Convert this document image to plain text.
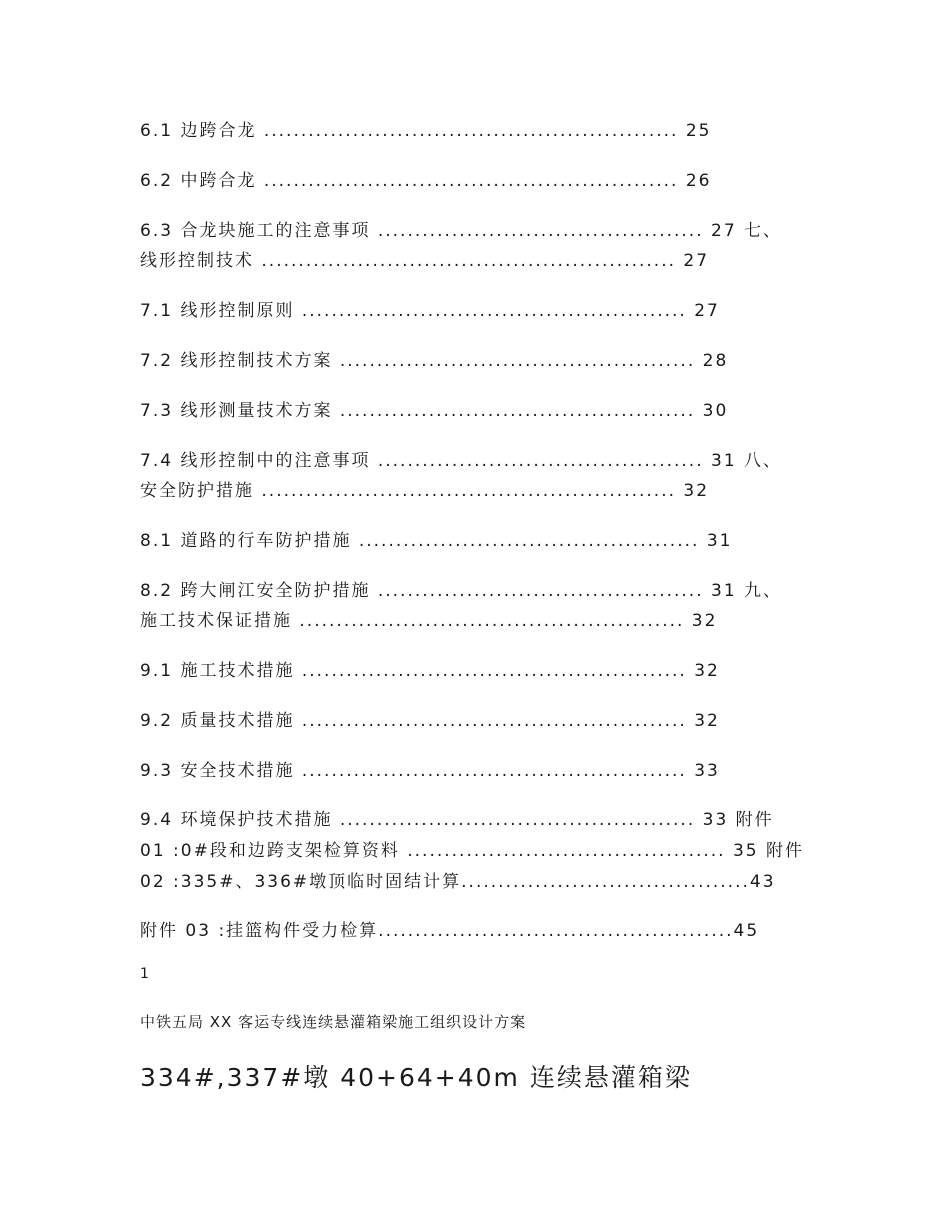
6.1 边跨合龙 ........................................................ 25
6.2 中跨合龙 ........................................................ 26
6.3 合龙块施工的注意事项 ............................................ 27 七、
线形控制技术 ........................................................ 27
7.1 线形控制原则 .................................................... 27
7.2 线形控制技术方案 ................................................ 28
7.3 线形测量技术方案 ................................................ 30
7.4 线形控制中的注意事项 ............................................ 31 八、
安全防护措施 ........................................................ 32
8.1 道路的行车防护措施 .............................................. 31
8.2 跨大闸江安全防护措施 ............................................ 31 九、
施工技术保证措施 .................................................... 32
9.1 施工技术措施 .................................................... 32
9.2 质量技术措施 .................................................... 32
9.3 安全技术措施 .................................................... 33
9.4 环境保护技术措施 ................................................ 33 附件
01 :0#段和边跨支架检算资料 ........................................... 35 附件
02 :335#、336#墩顶临时固结计算.......................................43
附件 03 :挂篮构件受力检算................................................45
1
中铁五局 XX 客运专线连续悬灌箱梁施工组织设计方案
334#,337#墩 40+64+40m 连续悬灌箱梁
